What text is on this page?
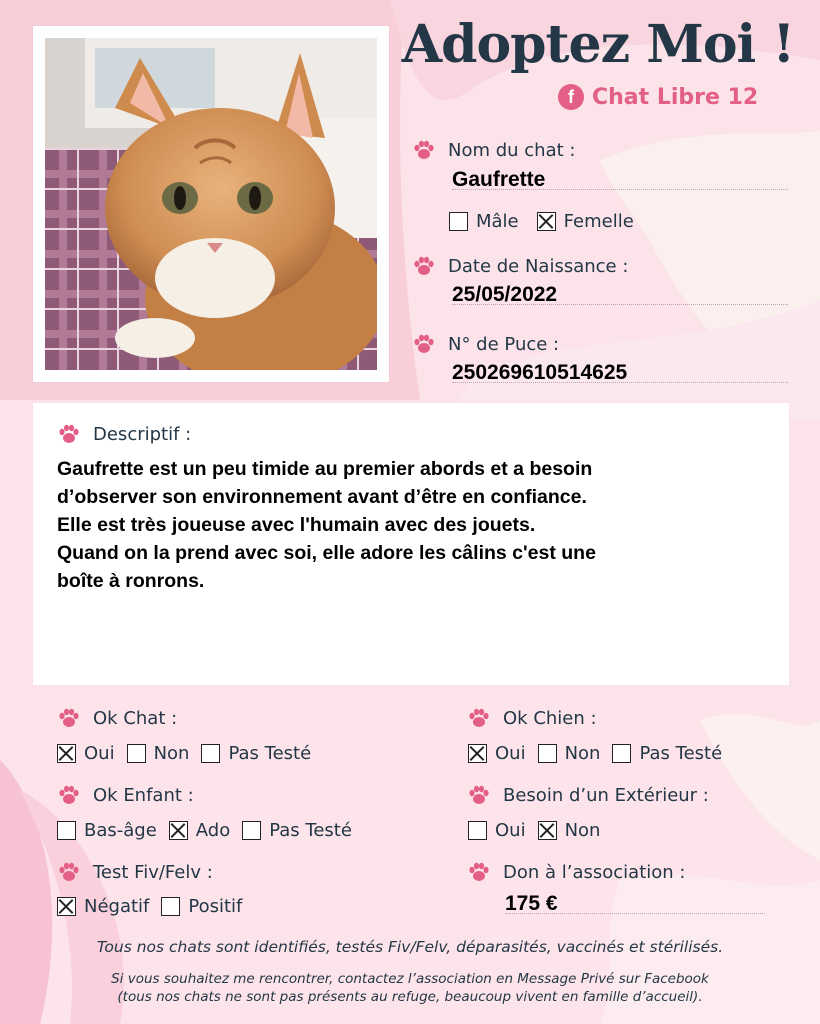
Adoptez Moi !
f Chat Libre 12
Nom du chat :
Gaufrette
Mâle	Femelle
Date de Naissance :
25/05/2022
N° de Puce :
250269610514625
Descriptif :
Gaufrette est un peu timide au premier abords et a besoin
d’observer son environnement avant d’être en confiance.
Elle est très joueuse avec l'humain avec des jouets.
Quand on la prend avec soi, elle adore les câlins c'est une
boîte à ronrons.
Ok Chat :
Oui Non Pas Testé
Ok Chien :
Oui Non Pas Testé
Ok Enfant :
Bas-âge Ado Pas Testé
Besoin d’un Extérieur :
Oui Non
Test Fiv/Felv :
Négatif Positif
Don à l’association :
175 €
Tous nos chats sont identifiés, testés Fiv/Felv, déparasités, vaccinés et stérilisés.
Si vous souhaitez me rencontrer, contactez l’association en Message Privé sur Facebook
(tous nos chats ne sont pas présents au refuge, beaucoup vivent en famille d’accueil).
